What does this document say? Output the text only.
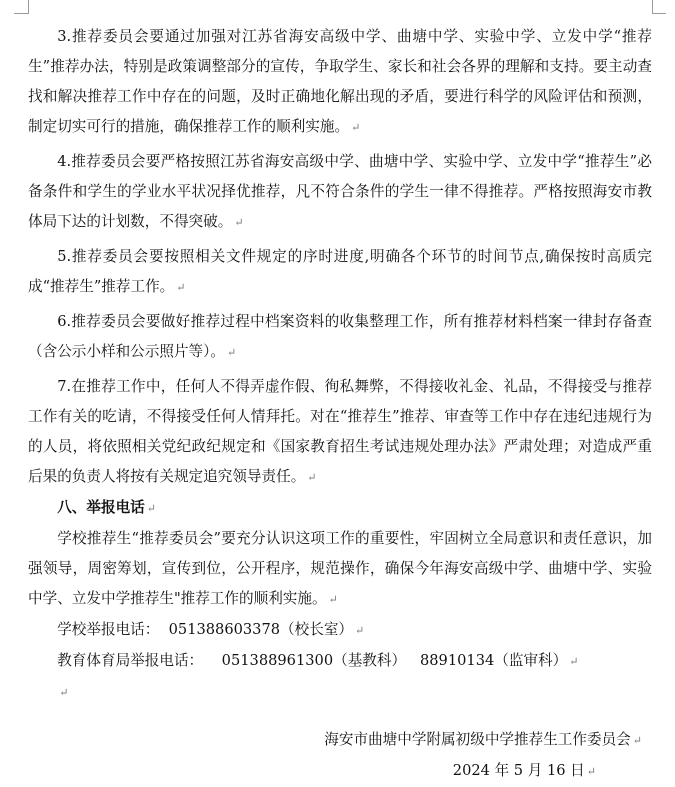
3.推荐委员会要通过加强对江苏省海安高级中学、曲塘中学、实验中学、立发中学“推荐生”推荐办法，特别是政策调整部分的宣传，争取学生、家长和社会各界的理解和支持。要主动查找和解决推荐工作中存在的问题，及时正确地化解出现的矛盾，要进行科学的风险评估和预测，制定切实可行的措施，确保推荐工作的顺利实施。 ↵

4.推荐委员会要严格按照江苏省海安高级中学、曲塘中学、实验中学、立发中学“推荐生”必备条件和学生的学业水平状况择优推荐，凡不符合条件的学生一律不得推荐。严格按照海安市教体局下达的计划数，不得突破。 ↵

5.推荐委员会要按照相关文件规定的序时进度,明确各个环节的时间节点,确保按时高质完成“推荐生”推荐工作。 ↵

6.推荐委员会要做好推荐过程中档案资料的收集整理工作，所有推荐材料档案一律封存备查（含公示小样和公示照片等）。 ↵

7.在推荐工作中，任何人不得弄虚作假、徇私舞弊，不得接收礼金、礼品，不得接受与推荐工作有关的吃请，不得接受任何人情拜托。对在“推荐生”推荐、审查等工作中存在违纪违规行为的人员，将依照相关党纪政纪规定和《国家教育招生考试违规处理办法》严肃处理；对造成严重后果的负责人将按有关规定追究领导责任。 ↵

八、举报电话 ↵

学校推荐生“推荐委员会”要充分认识这项工作的重要性，牢固树立全局意识和责任意识，加强领导，周密筹划，宣传到位，公开程序，规范操作，确保今年海安高级中学、曲塘中学、实验中学、立发中学推荐生"推荐工作的顺利实施。 ↵

学校举报电话：  051388603378（校长室） ↵

教育体育局举报电话：    051388961300（基教科）   88910134（监审科） ↵

↵

海安市曲塘中学附属初级中学推荐生工作委员会 ↵

2024 年 5 月 16 日 ↵
